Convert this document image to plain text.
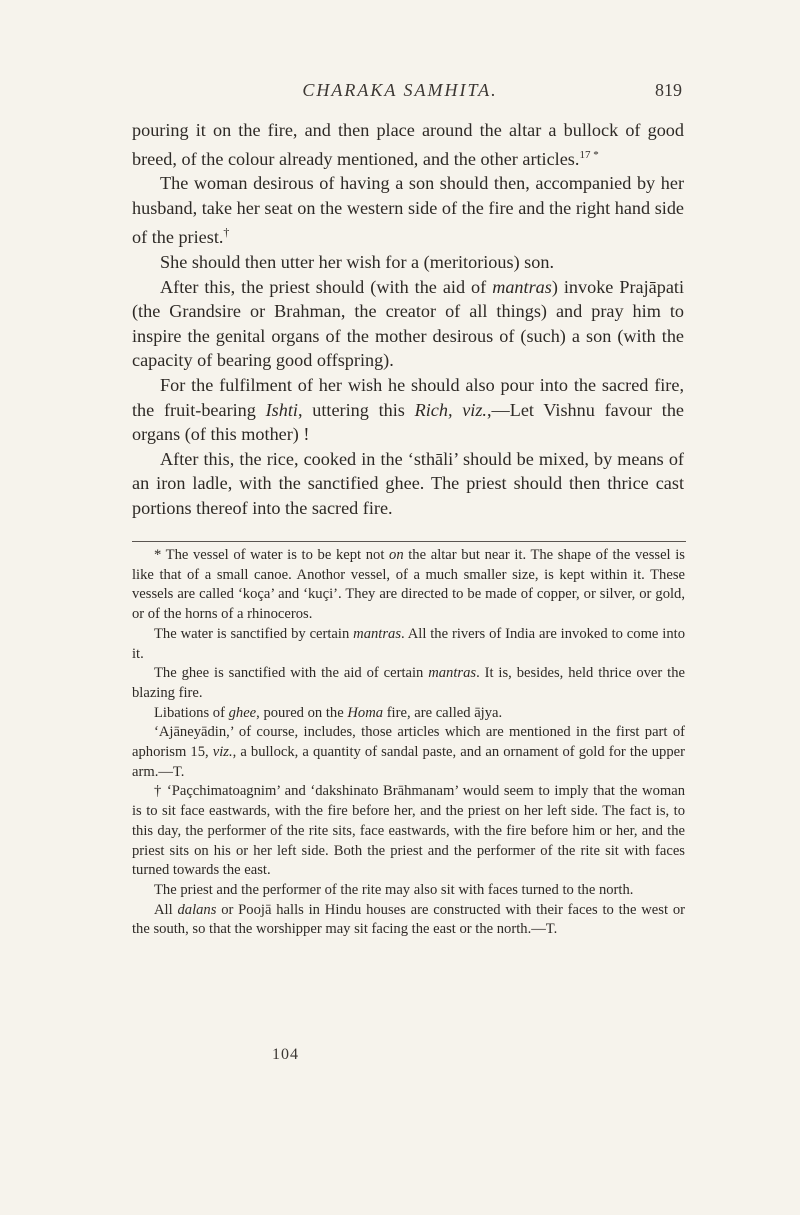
CHARAKA SAMHITA.	819

pouring it on the fire, and then place around the altar a bullock of good breed, of the colour already mentioned, and the other articles.$^{17 *}$

The woman desirous of having a son should then, accompanied by her husband, take her seat on the western side of the fire and the right hand side of the priest.†

She should then utter her wish for a (meritorious) son.

After this, the priest should (with the aid of mantras) invoke Prajāpati (the Grandsire or Brahman, the creator of all things) and pray him to inspire the genital organs of the mother desirous of (such) a son (with the capacity of bearing good offspring).

For the fulfilment of her wish he should also pour into the sacred fire, the fruit-bearing Ishti, uttering this Rich, viz.,—Let Vishnu favour the organs (of this mother) !

After this, the rice, cooked in the ‘sthāli’ should be mixed, by means of an iron ladle, with the sanctified ghee. The priest should then thrice cast portions thereof into the sacred fire.

* The vessel of water is to be kept not on the altar but near it. The shape of the vessel is like that of a small canoe. Anothor vessel, of a much smaller size, is kept within it. These vessels are called ‘koça’ and ‘kuçi’. They are directed to be made of copper, or silver, or gold, or of the horns of a rhinoceros.

The water is sanctified by certain mantras. All the rivers of India are invoked to come into it.

The ghee is sanctified with the aid of certain mantras. It is, besides, held thrice over the blazing fire.

Libations of ghee, poured on the Homa fire, are called ājya.

‘Ajāneyādin,’ of course, includes, those articles which are mentioned in the first part of aphorism 15, viz., a bullock, a quantity of sandal paste, and an ornament of gold for the upper arm.—T.

† ‘Paçchimatoagnim’ and ‘dakshinato Brāhmanam’ would seem to imply that the woman is to sit face eastwards, with the fire before her, and the priest on her left side. The fact is, to this day, the performer of the rite sits, face eastwards, with the fire before him or her, and the priest sits on his or her left side. Both the priest and the performer of the rite sit with faces turned towards the east.

The priest and the performer of the rite may also sit with faces turned to the north.

All dalans or Poojā halls in Hindu houses are constructed with their faces to the west or the south, so that the worshipper may sit facing the east or the north.—T.

104
